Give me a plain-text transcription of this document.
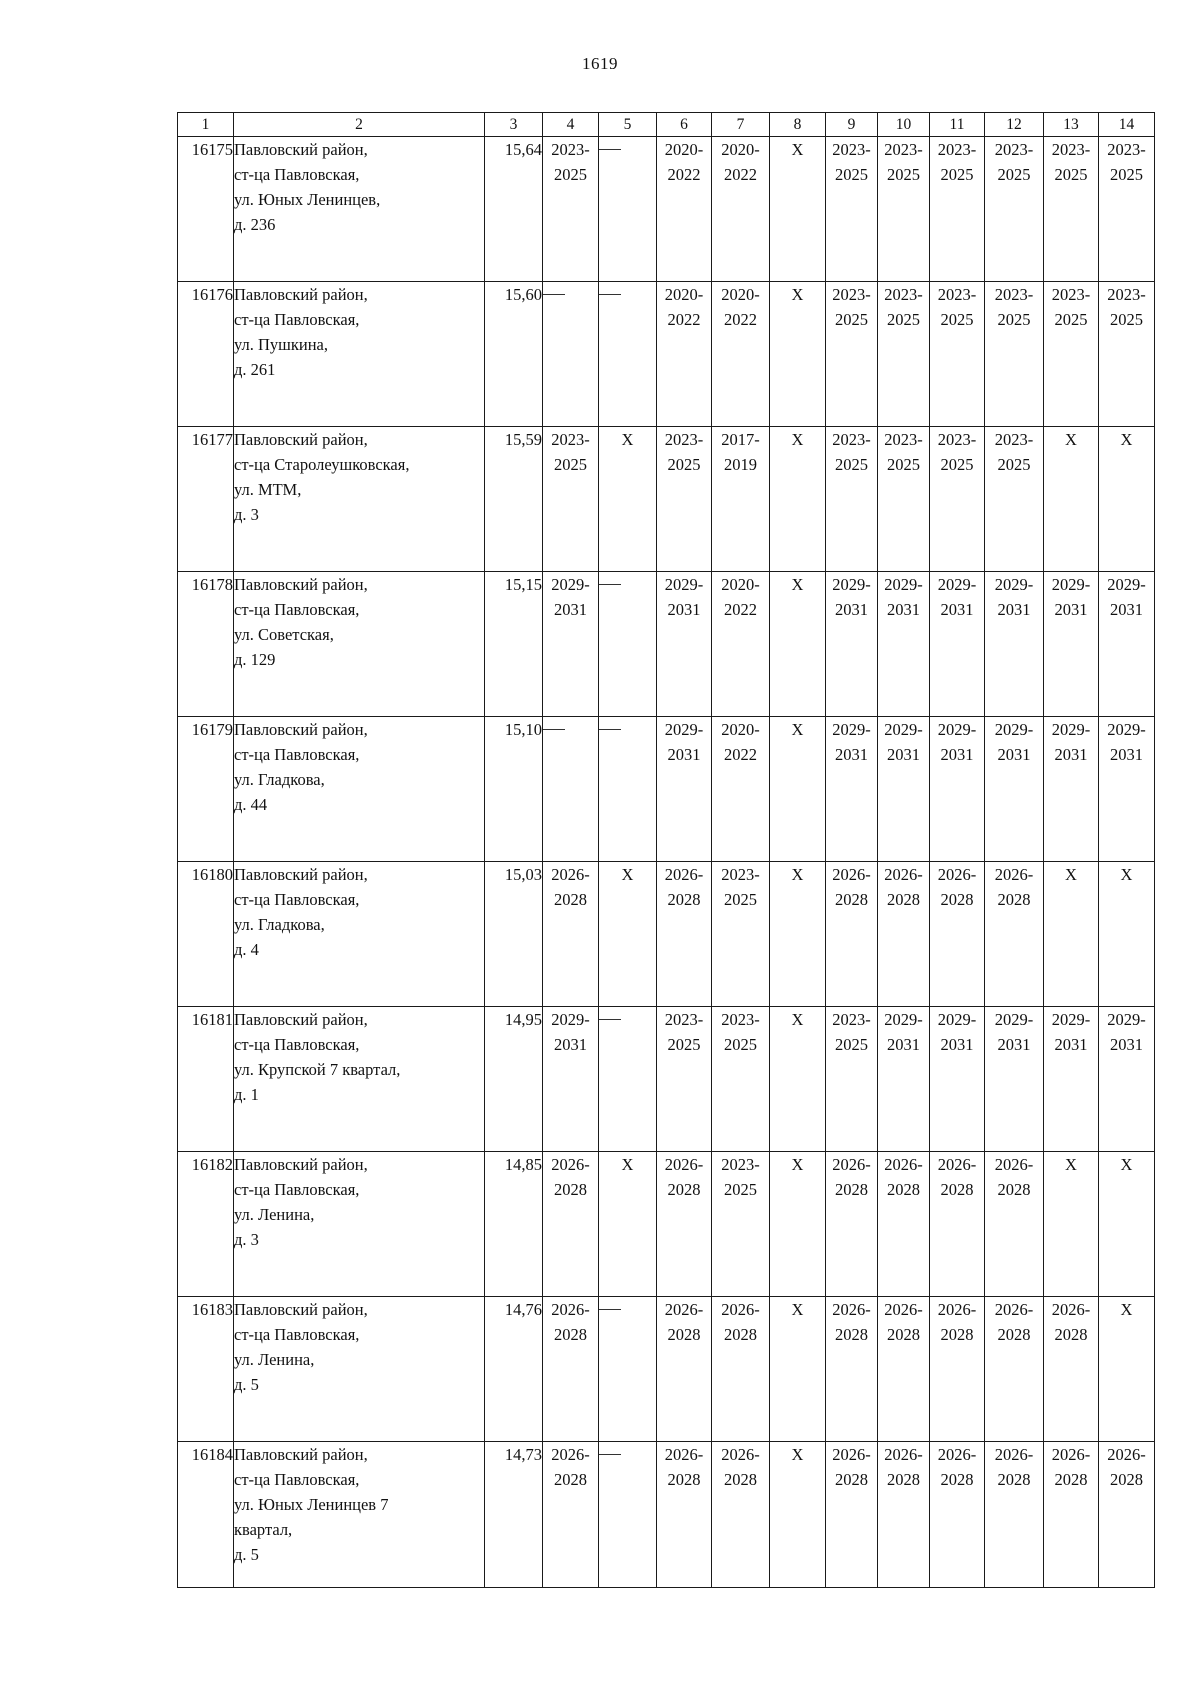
1619
1	2	3	4	5	6	7	8	9	10	11	12	13	14
16175	Павловский район,
ст-ца Павловская,
ул. Юных Ленинцев,
д. 236	15,64	2023-
2025		2020-
2022	2020-
2022	X	2023-
2025	2023-
2025	2023-
2025	2023-
2025	2023-
2025	2023-
2025

16176	Павловский район,
ст-ца Павловская,
ул. Пушкина,
д. 261	15,60			2020-
2022	2020-
2022	X	2023-
2025	2023-
2025	2023-
2025	2023-
2025	2023-
2025	2023-
2025

16177	Павловский район,
ст-ца Старолеушковская,
ул. МТМ,
д. 3	15,59	2023-
2025	X	2023-
2025	2017-
2019	X	2023-
2025	2023-
2025	2023-
2025	2023-
2025	X	X
16178	Павловский район,
ст-ца Павловская,
ул. Советская,
д. 129	15,15	2029-
2031		2029-
2031	2020-
2022	X	2029-
2031	2029-
2031	2029-
2031	2029-
2031	2029-
2031	2029-
2031

16179	Павловский район,
ст-ца Павловская,
ул. Гладкова,
д. 44	15,10			2029-
2031	2020-
2022	X	2029-
2031	2029-
2031	2029-
2031	2029-
2031	2029-
2031	2029-
2031

16180	Павловский район,
ст-ца Павловская,
ул. Гладкова,
д. 4	15,03	2026-
2028	X	2026-
2028	2023-
2025	X	2026-
2028	2026-
2028	2026-
2028	2026-
2028	X	X
16181	Павловский район,
ст-ца Павловская,
ул. Крупской 7 квартал,
д. 1	14,95	2029-
2031		2023-
2025	2023-
2025	X	2023-
2025	2029-
2031	2029-
2031	2029-
2031	2029-
2031	2029-
2031

16182	Павловский район,
ст-ца Павловская,
ул. Ленина,
д. 3	14,85	2026-
2028	X	2026-
2028	2023-
2025	X	2026-
2028	2026-
2028	2026-
2028	2026-
2028	X	X
16183	Павловский район,
ст-ца Павловская,
ул. Ленина,
д. 5	14,76	2026-
2028		2026-
2028	2026-
2028	X	2026-
2028	2026-
2028	2026-
2028	2026-
2028	2026-
2028	X
16184	Павловский район,
ст-ца Павловская,
ул. Юных Ленинцев 7
квартал,
д. 5	14,73	2026-
2028		2026-
2028	2026-
2028	X	2026-
2028	2026-
2028	2026-
2028	2026-
2028	2026-
2028	2026-
2028
